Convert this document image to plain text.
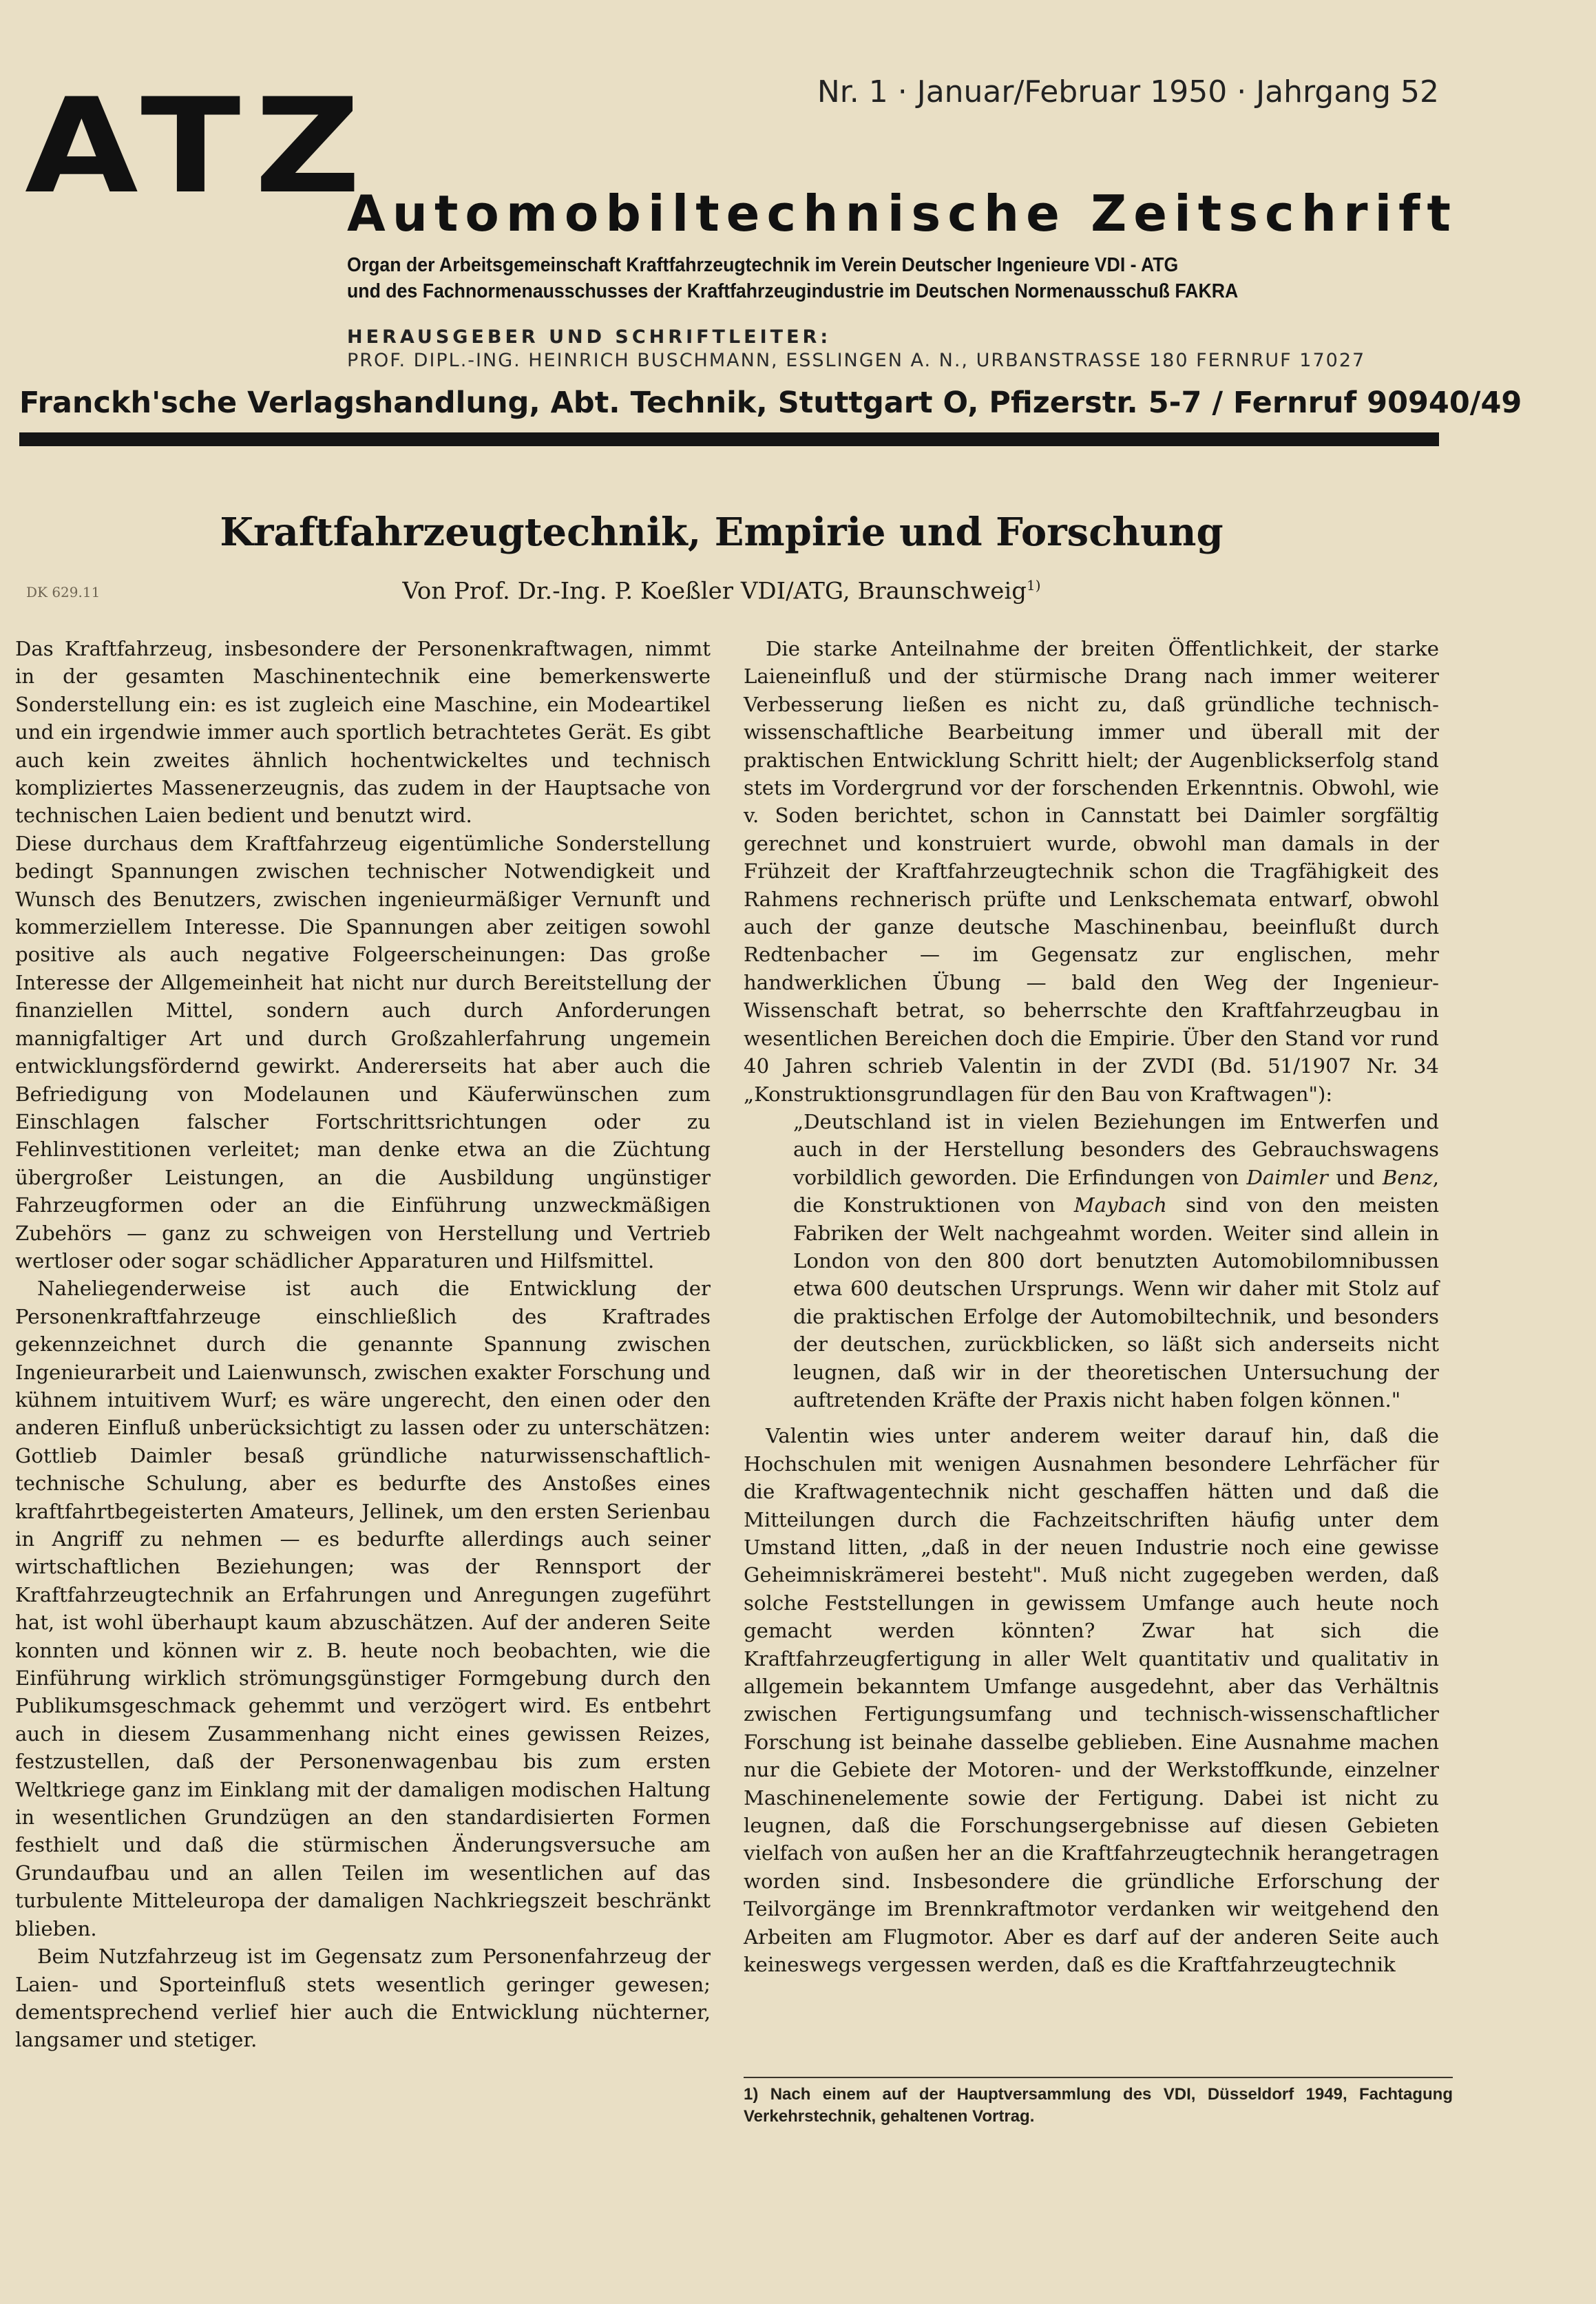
ATZ	Nr. 1 · Januar/Februar 1950 · Jahrgang 52
Automobiltechnische Zeitschrift
Organ der Arbeitsgemeinschaft Kraftfahrzeugtechnik im Verein Deutscher Ingenieure VDI - ATG
und des Fachnormenausschusses der Kraftfahrzeugindustrie im Deutschen Normenausschuß FAKRA
HERAUSGEBER UND SCHRIFTLEITER:
PROF. DIPL.-ING. HEINRICH BUSCHMANN, ESSLINGEN A. N., URBANSTRASSE 180 FERNRUF 17027
Franckh'sche Verlagshandlung, Abt. Technik, Stuttgart O, Pfizerstr. 5-7 / Fernruf 90940/49
Kraftfahrzeugtechnik, Empirie und Forschung
DK 629.11	Von Prof. Dr.-Ing. P. Koeßler VDI/ATG, Braunschweig$^{1)}$

Das Kraftfahrzeug, insbesondere der Personenkraftwagen, nimmt in der gesamten Maschinentechnik eine bemerkenswerte Sonderstellung ein: es ist zugleich eine Maschine, ein Modeartikel und ein irgendwie immer auch sportlich betrachtetes Gerät. Es gibt auch kein zweites ähnlich hochentwickeltes und technisch kompliziertes Massenerzeugnis, das zudem in der Hauptsache von technischen Laien bedient und benutzt wird.

Diese durchaus dem Kraftfahrzeug eigentümliche Sonderstellung bedingt Spannungen zwischen technischer Notwendigkeit und Wunsch des Benutzers, zwischen ingenieurmäßiger Vernunft und kommerziellem Interesse. Die Spannungen aber zeitigen sowohl positive als auch negative Folgeerscheinungen: Das große Interesse der Allgemeinheit hat nicht nur durch Bereitstellung der finanziellen Mittel, sondern auch durch Anforderungen mannigfaltiger Art und durch Großzahlerfahrung ungemein entwicklungsfördernd gewirkt. Andererseits hat aber auch die Befriedigung von Modelaunen und Käuferwünschen zum Einschlagen falscher Fortschrittsrichtungen oder zu Fehlinvestitionen verleitet; man denke etwa an die Züchtung übergroßer Leistungen, an die Ausbildung ungünstiger Fahrzeugformen oder an die Einführung unzweckmäßigen Zubehörs — ganz zu schweigen von Herstellung und Vertrieb wertloser oder sogar schädlicher Apparaturen und Hilfsmittel.

Naheliegenderweise ist auch die Entwicklung der Personenkraftfahrzeuge einschließlich des Kraftrades gekennzeichnet durch die genannte Spannung zwischen Ingenieurarbeit und Laienwunsch, zwischen exakter Forschung und kühnem intuitivem Wurf; es wäre ungerecht, den einen oder den anderen Einfluß unberücksichtigt zu lassen oder zu unterschätzen: Gottlieb Daimler besaß gründliche naturwissenschaftlich-technische Schulung, aber es bedurfte des Anstoßes eines kraftfahrtbegeisterten Amateurs, Jellinek, um den ersten Serienbau in Angriff zu nehmen — es bedurfte allerdings auch seiner wirtschaftlichen Beziehungen; was der Rennsport der Kraftfahrzeugtechnik an Erfahrungen und Anregungen zugeführt hat, ist wohl überhaupt kaum abzuschätzen. Auf der anderen Seite konnten und können wir z. B. heute noch beobachten, wie die Einführung wirklich strömungsgünstiger Formgebung durch den Publikumsgeschmack gehemmt und verzögert wird. Es entbehrt auch in diesem Zusammenhang nicht eines gewissen Reizes, festzustellen, daß der Personenwagenbau bis zum ersten Weltkriege ganz im Einklang mit der damaligen modischen Haltung in wesentlichen Grundzügen an den standardisierten Formen festhielt und daß die stürmischen Änderungsversuche am Grundaufbau und an allen Teilen im wesentlichen auf das turbulente Mitteleuropa der damaligen Nachkriegszeit beschränkt blieben.

Beim Nutzfahrzeug ist im Gegensatz zum Personenfahrzeug der Laien- und Sporteinfluß stets wesentlich geringer gewesen; dementsprechend verlief hier auch die Entwicklung nüchterner, langsamer und stetiger.

Die starke Anteilnahme der breiten Öffentlichkeit, der starke Laieneinfluß und der stürmische Drang nach immer weiterer Verbesserung ließen es nicht zu, daß gründliche technisch-wissenschaftliche Bearbeitung immer und überall mit der praktischen Entwicklung Schritt hielt; der Augenblickserfolg stand stets im Vordergrund vor der forschenden Erkenntnis. Obwohl, wie v. Soden berichtet, schon in Cannstatt bei Daimler sorgfältig gerechnet und konstruiert wurde, obwohl man damals in der Frühzeit der Kraftfahrzeugtechnik schon die Tragfähigkeit des Rahmens rechnerisch prüfte und Lenkschemata entwarf, obwohl auch der ganze deutsche Maschinenbau, beeinflußt durch Redtenbacher — im Gegensatz zur englischen, mehr handwerklichen Übung — bald den Weg der Ingenieur-Wissenschaft betrat, so beherrschte den Kraftfahrzeugbau in wesentlichen Bereichen doch die Empirie. Über den Stand vor rund 40 Jahren schrieb Valentin in der ZVDI (Bd. 51/1907 Nr. 34 „Konstruktionsgrundlagen für den Bau von Kraftwagen"):

„Deutschland ist in vielen Beziehungen im Entwerfen und auch in der Herstellung besonders des Gebrauchswagens vorbildlich geworden. Die Erfindungen von Daimler und Benz, die Konstruktionen von Maybach sind von den meisten Fabriken der Welt nachgeahmt worden. Weiter sind allein in London von den 800 dort benutzten Automobilomnibussen etwa 600 deutschen Ursprungs. Wenn wir daher mit Stolz auf die praktischen Erfolge der Automobiltechnik, und besonders der deutschen, zurückblicken, so läßt sich anderseits nicht leugnen, daß wir in der theoretischen Untersuchung der auftretenden Kräfte der Praxis nicht haben folgen können."

Valentin wies unter anderem weiter darauf hin, daß die Hochschulen mit wenigen Ausnahmen besondere Lehrfächer für die Kraftwagentechnik nicht geschaffen hätten und daß die Mitteilungen durch die Fachzeitschriften häufig unter dem Umstand litten, „daß in der neuen Industrie noch eine gewisse Geheimniskrämerei besteht". Muß nicht zugegeben werden, daß solche Feststellungen in gewissem Umfange auch heute noch gemacht werden könnten? Zwar hat sich die Kraftfahrzeugfertigung in aller Welt quantitativ und qualitativ in allgemein bekanntem Umfange ausgedehnt, aber das Verhältnis zwischen Fertigungsumfang und technisch-wissenschaftlicher Forschung ist beinahe dasselbe geblieben. Eine Ausnahme machen nur die Gebiete der Motoren- und der Werkstoffkunde, einzelner Maschinenelemente sowie der Fertigung. Dabei ist nicht zu leugnen, daß die Forschungsergebnisse auf diesen Gebieten vielfach von außen her an die Kraftfahrzeugtechnik herangetragen worden sind. Insbesondere die gründliche Erforschung der Teilvorgänge im Brennkraftmotor verdanken wir weitgehend den Arbeiten am Flugmotor. Aber es darf auf der anderen Seite auch keineswegs vergessen werden, daß es die Kraftfahrzeugtechnik

1) Nach einem auf der Hauptversammlung des VDI, Düsseldorf 1949, Fachtagung Verkehrstechnik, gehaltenen Vortrag.
